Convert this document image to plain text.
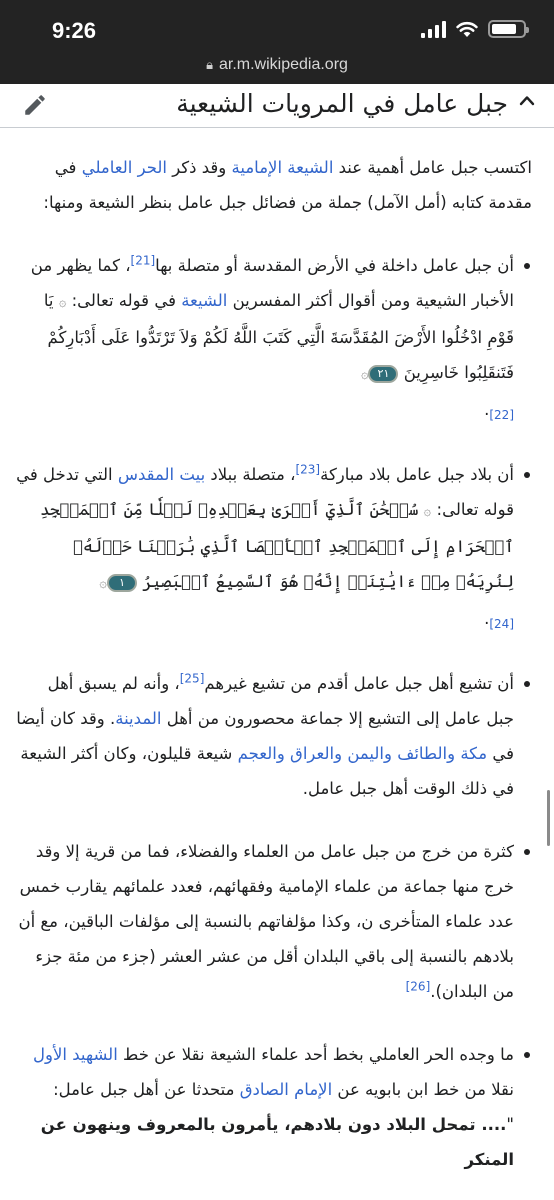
9:26
🔒︎ ar.m.wikipedia.org
جبل عامل في المرويات الشيعية

اكتسب جبل عامل أهمية عند الشيعة الإمامية وقد ذكر الحر العاملي في مقدمة كتابه (أمل الآمل) جملة من فضائل جبل عامل بنظر الشيعة ومنها:

أن جبل عامل داخلة في الأرض المقدسة أو متصلة بها[21]، كما يظهر من الأخبار الشيعية ومن أقوال أكثر المفسرين الشيعة في قوله تعالى: ۞ يَا قَوْمِ ادْخُلُوا الأَرْضَ المُقَدَّسَةَ الَّتِي كَتَبَ اللَّهُ لَكُمْ وَلاَ تَرْتَدُّوا عَلَى أَدْبَارِكُمْ فَتَنقَلِبُوا خَاسِرِينَ ٢١۞
[22].
أن بلاد جبل عامل بلاد مباركة[23]، متصلة ببلاد بيت المقدس التي تدخل في قوله تعالى: ۞ سُبۡحَٰنَ ٱلَّذِيٓ أَسۡرَىٰ بِعَبۡدِهِۦ لَيۡلٗا مِّنَ ٱلۡمَسۡجِدِ ٱلۡحَرَامِ إِلَى ٱلۡمَسۡجِدِ ٱلۡأَقۡصَا ٱلَّذِي بَٰرَكۡنَا حَوۡلَهُۥ لِنُرِيَهُۥ مِنۡ ءَايَٰتِنَآۚ إِنَّهُۥ هُوَ ٱلسَّمِيعُ ٱلۡبَصِيرُ ١۞
[24].
أن تشيع أهل جبل عامل أقدم من تشيع غيرهم[25]، وأنه لم يسبق أهل جبل عامل إلى التشيع إلا جماعة محصورون من أهل المدينة. وقد كان أيضا في مكة والطائف واليمن والعراق والعجم شيعة قليلون، وكان أكثر الشيعة في ذلك الوقت أهل جبل عامل.
كثرة من خرج من جبل عامل من العلماء والفضلاء، فما من قرية إلا وقد خرج منها جماعة من علماء الإمامية وفقهائهم، فعدد علمائهم يقارب خمس عدد علماء المتأخرى ن، وكذا مؤلفاتهم بالنسبة إلى مؤلفات الباقين، مع أن بلادهم بالنسبة إلى باقي البلدان أقل من عشر العشر (جزء من مئة جزء من البلدان).[26]
ما وجده الحر العاملي بخط أحد علماء الشيعة نقلا عن خط الشهيد الأول نقلا من خط ابن بابويه عن الإمام الصادق متحدثا عن أهل جبل عامل: ".... تمحل البلاد دون بلادهم، يأمرون بالمعروف وينهون عن المنكر
